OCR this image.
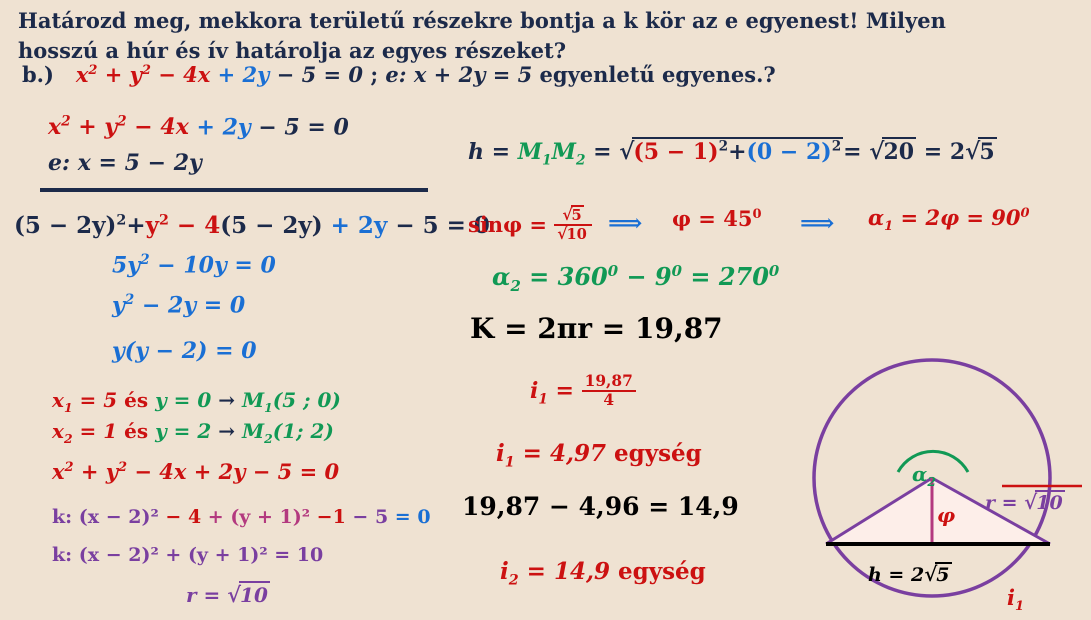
Határozd meg, mekkora területű részekre bontja a k kör az e egyenest! Milyen
hosszú a húr és ív határolja az egyes részeket?
b.) $x^2 + y^2 - 4x + 2y - 5 = 0$ ; e: x + 2y = 5 egyenletű egyenes.?
$x^2 + y^2 - 4x + 2y - 5 = 0$
e: x = 5 − 2y
$(5 - 2y)^2+y^2 - 4(5 - 2y) + 2y - 5 = 0$
$5y^2 - 10y = 0$
$y^2 - 2y = 0$
y(y − 2) = 0
$x_1 = 5$ és $y = 0 \to M_1(5$ ; 0)
$x_2 = 1$ és $y = 2 \to M_2(1$; 2)
$x^2 + y^2 - 4x + 2y - 5 = 0$
k: (x − 2)² − 4 + (y + 1)² −1 − 5 = 0
k: (x − 2)² + (y + 1)² = 10
r = √10
$h = M_1M_2 = √(5 - 1)^2+(0 - 2)^2= √20 = 2√5$
$\sin\varphi = \frac{√5}{√10}$ ⟹ $\varphi = 45^0$ ⟹ $\alpha_1 = 2\varphi = 90^0$
$\alpha_2 = 360^0 - 9^0 = 270^0$
K = 2πr = 19,87
$i_1 = \frac{19,87}{4}$
$i_1 = 4,97$ egység
19,87 − 4,96 = 14,9
$i_2 = 14,9$ egység
$\alpha_2$
φ r = √10
h = 2√5
$i_1$
